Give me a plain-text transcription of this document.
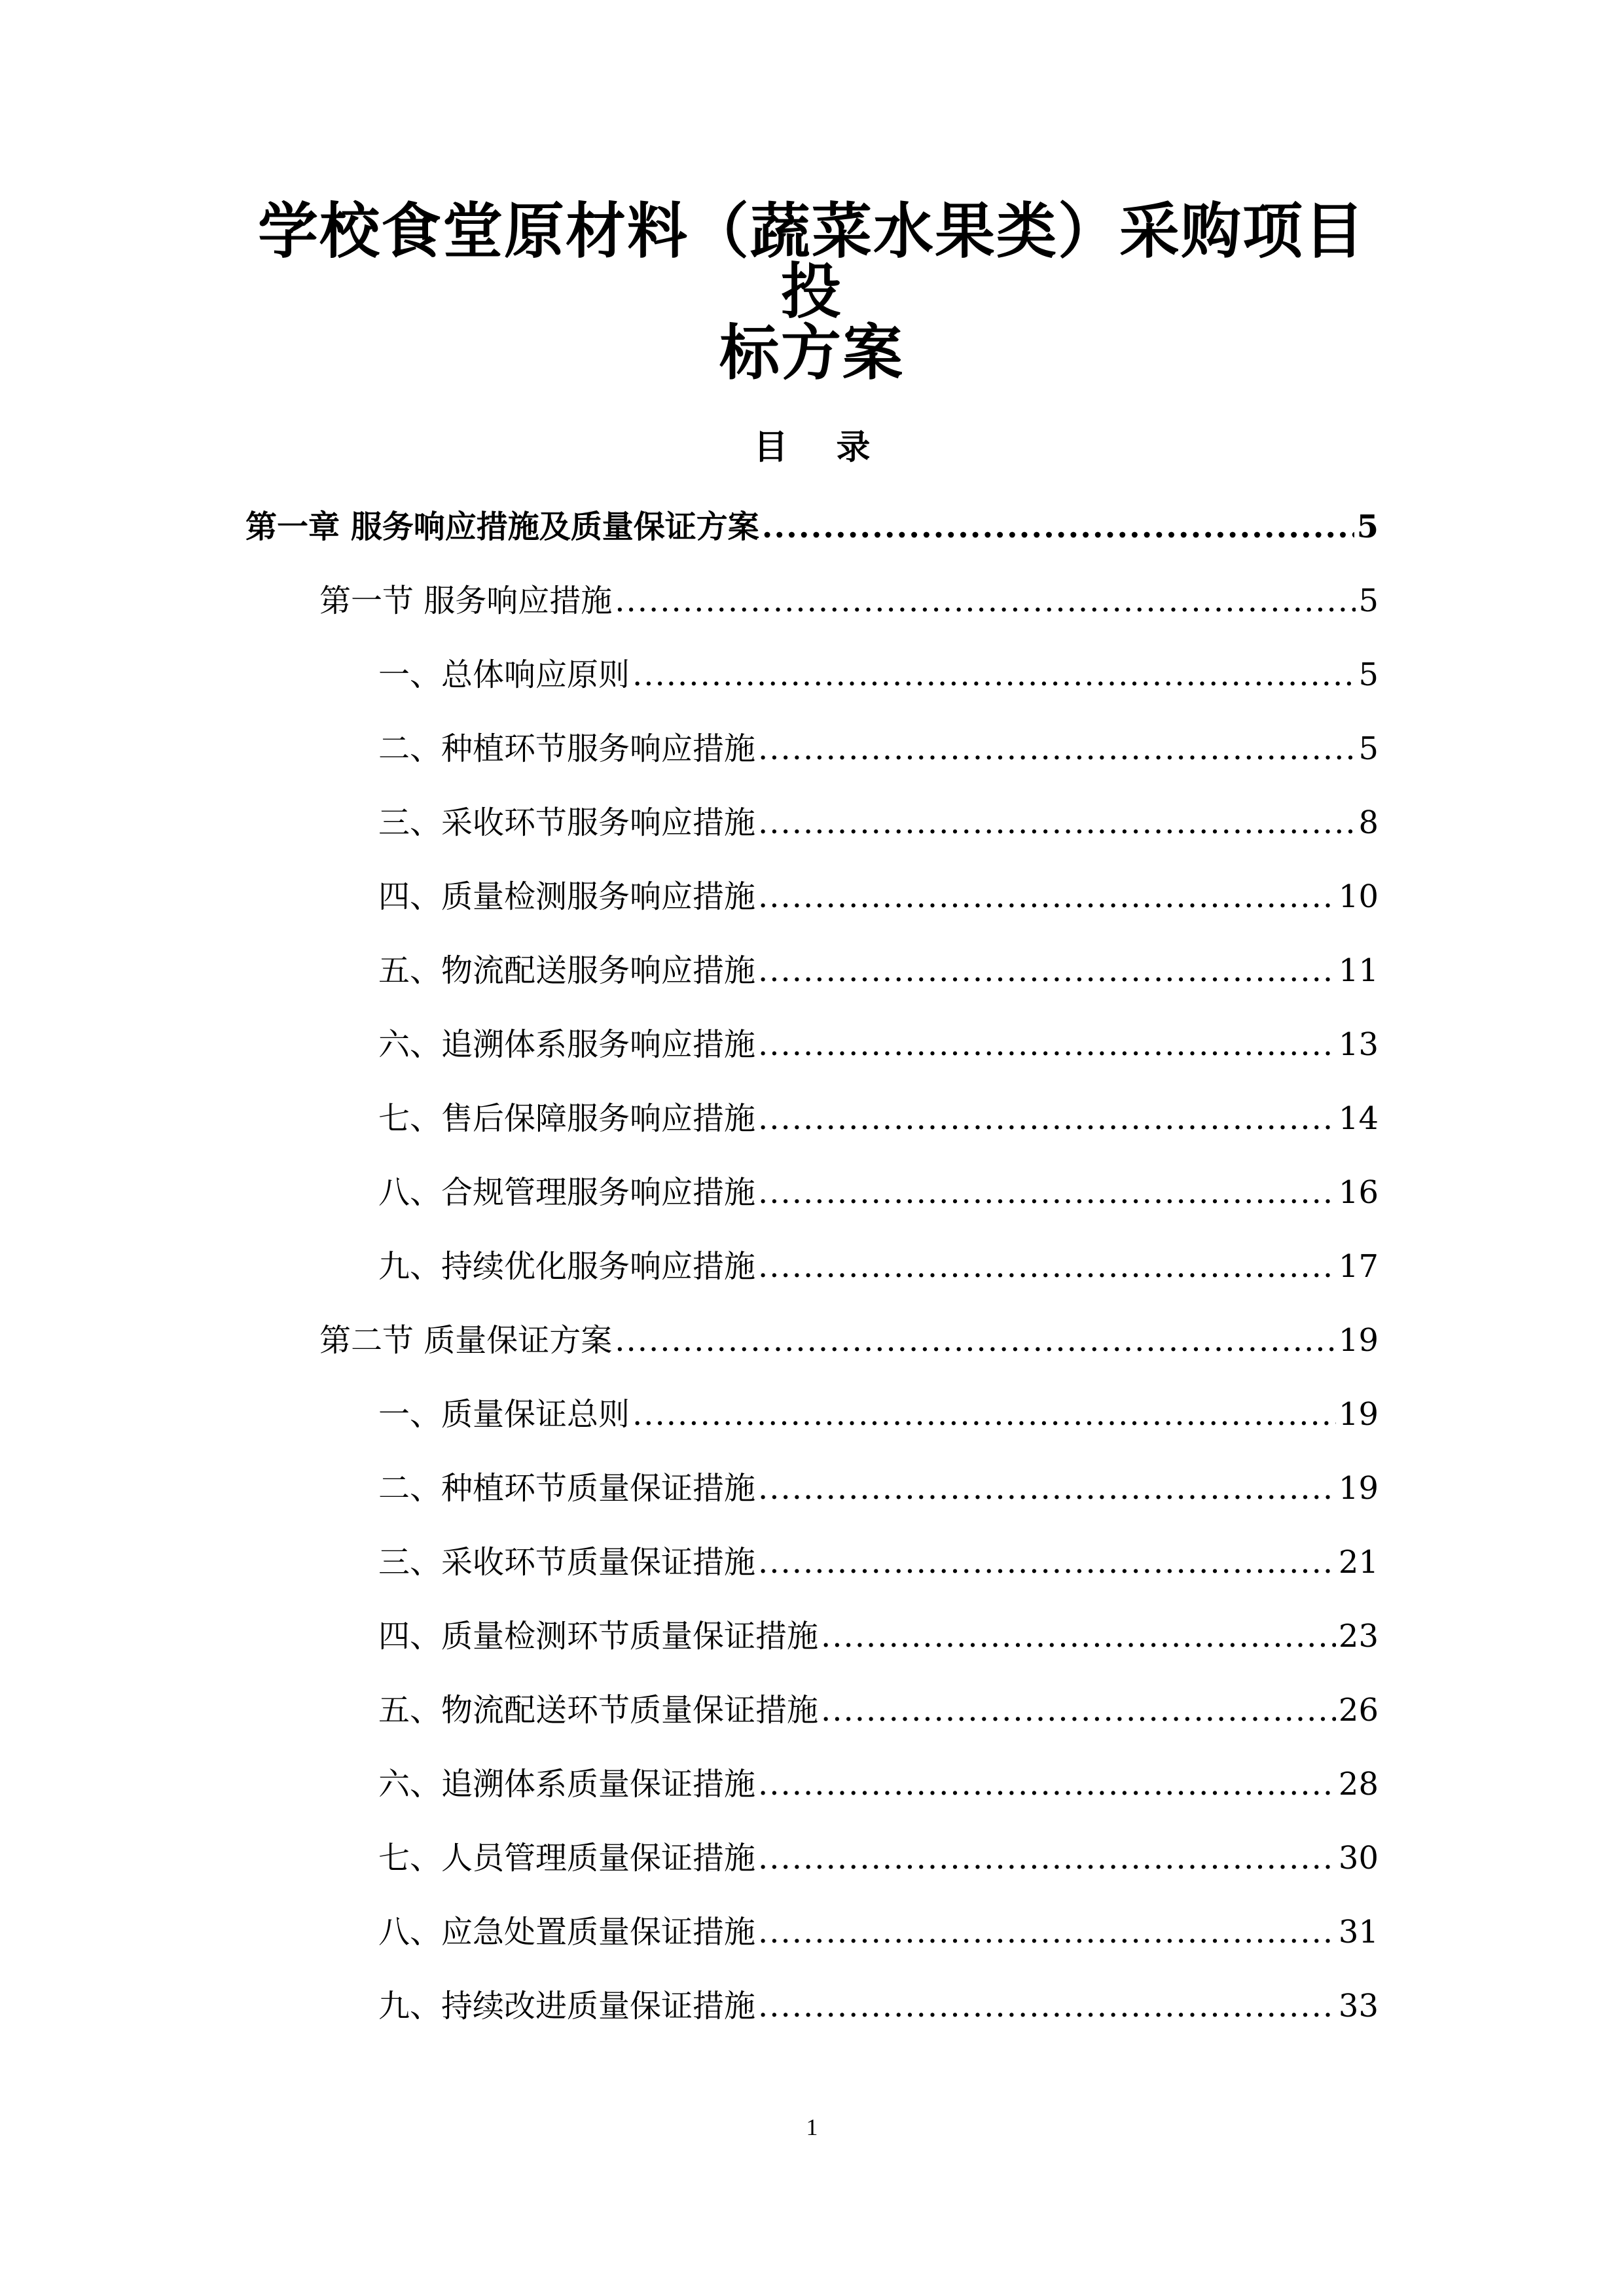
学校食堂原材料（蔬菜水果类）采购项目投
标方案
目 录
第一章 服务响应措施及质量保证方案 .....	5
第一节 服务响应措施 .....	5
一、总体响应原则 .....	5
二、种植环节服务响应措施 .....	5
三、采收环节服务响应措施 .....	8
四、质量检测服务响应措施 .....	10
五、物流配送服务响应措施 .....	11
六、追溯体系服务响应措施 .....	13
七、售后保障服务响应措施 .....	14
八、合规管理服务响应措施 .....	16
九、持续优化服务响应措施 .....	17
第二节 质量保证方案 .....	19
一、质量保证总则 .....	19
二、种植环节质量保证措施 .....	19
三、采收环节质量保证措施 .....	21
四、质量检测环节质量保证措施 .....	23
五、物流配送环节质量保证措施 .....	26
六、追溯体系质量保证措施 .....	28
七、人员管理质量保证措施 .....	30
八、应急处置质量保证措施 .....	31
九、持续改进质量保证措施 .....	33
1
